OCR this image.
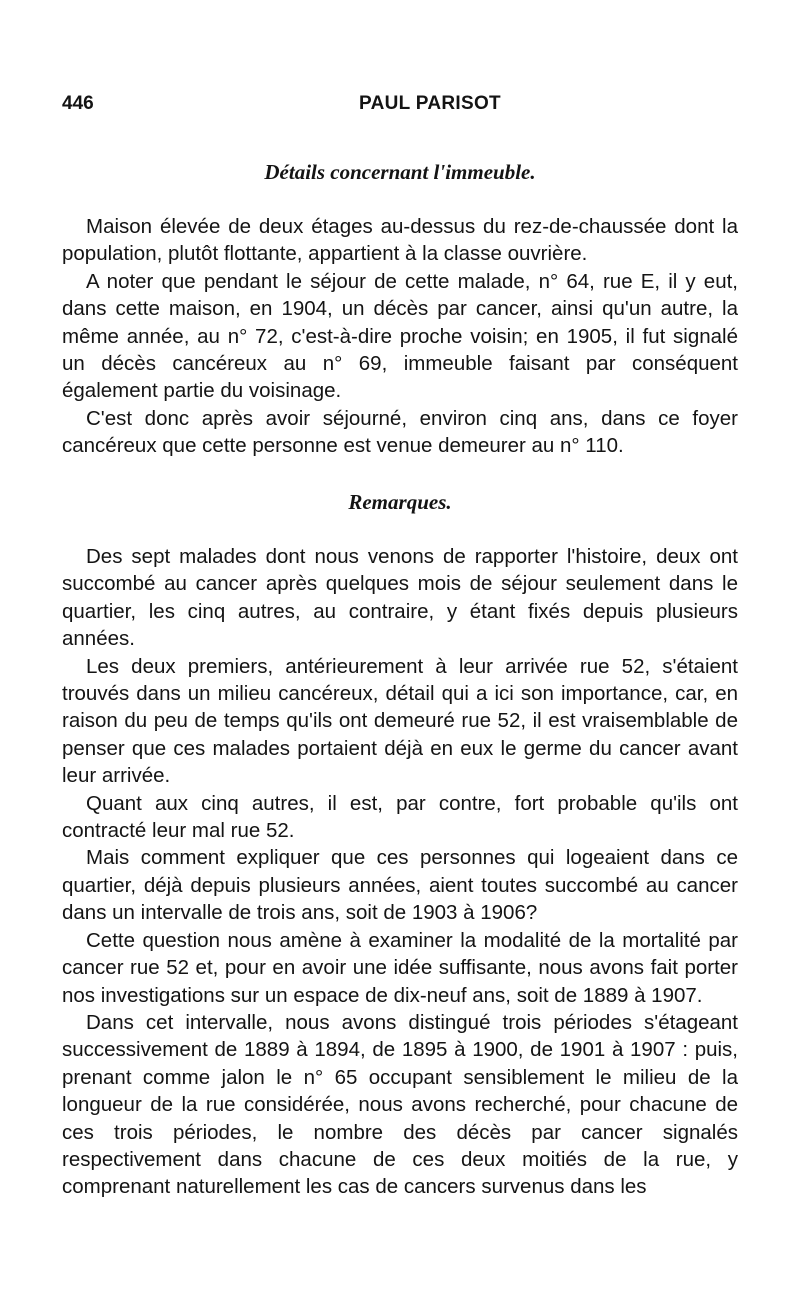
446	PAUL PARISOT
Détails concernant l'immeuble.

Maison élevée de deux étages au-dessus du rez-de-chaussée dont la population, plutôt flottante, appartient à la classe ouvrière.

A noter que pendant le séjour de cette malade, n° 64, rue E, il y eut, dans cette maison, en 1904, un décès par cancer, ainsi qu'un autre, la même année, au n° 72, c'est-à-dire proche voisin; en 1905, il fut signalé un décès cancéreux au n° 69, immeuble faisant par conséquent également partie du voisinage.

C'est donc après avoir séjourné, environ cinq ans, dans ce foyer cancéreux que cette personne est venue demeurer au n° 110.

Remarques.

Des sept malades dont nous venons de rapporter l'histoire, deux ont succombé au cancer après quelques mois de séjour seulement dans le quartier, les cinq autres, au contraire, y étant fixés depuis plusieurs années.

Les deux premiers, antérieurement à leur arrivée rue 52, s'étaient trouvés dans un milieu cancéreux, détail qui a ici son importance, car, en raison du peu de temps qu'ils ont demeuré rue 52, il est vraisemblable de penser que ces malades portaient déjà en eux le germe du cancer avant leur arrivée.

Quant aux cinq autres, il est, par contre, fort probable qu'ils ont contracté leur mal rue 52.

Mais comment expliquer que ces personnes qui logeaient dans ce quartier, déjà depuis plusieurs années, aient toutes succombé au cancer dans un intervalle de trois ans, soit de 1903 à 1906?

Cette question nous amène à examiner la modalité de la mortalité par cancer rue 52 et, pour en avoir une idée suffisante, nous avons fait porter nos investigations sur un espace de dix-neuf ans, soit de 1889 à 1907.

Dans cet intervalle, nous avons distingué trois périodes s'étageant successivement de 1889 à 1894, de 1895 à 1900, de 1901 à 1907 : puis, prenant comme jalon le n° 65 occupant sensiblement le milieu de la longueur de la rue considérée, nous avons recherché, pour chacune de ces trois périodes, le nombre des décès par cancer signalés respectivement dans chacune de ces deux moitiés de la rue, y comprenant naturellement les cas de cancers survenus dans les
